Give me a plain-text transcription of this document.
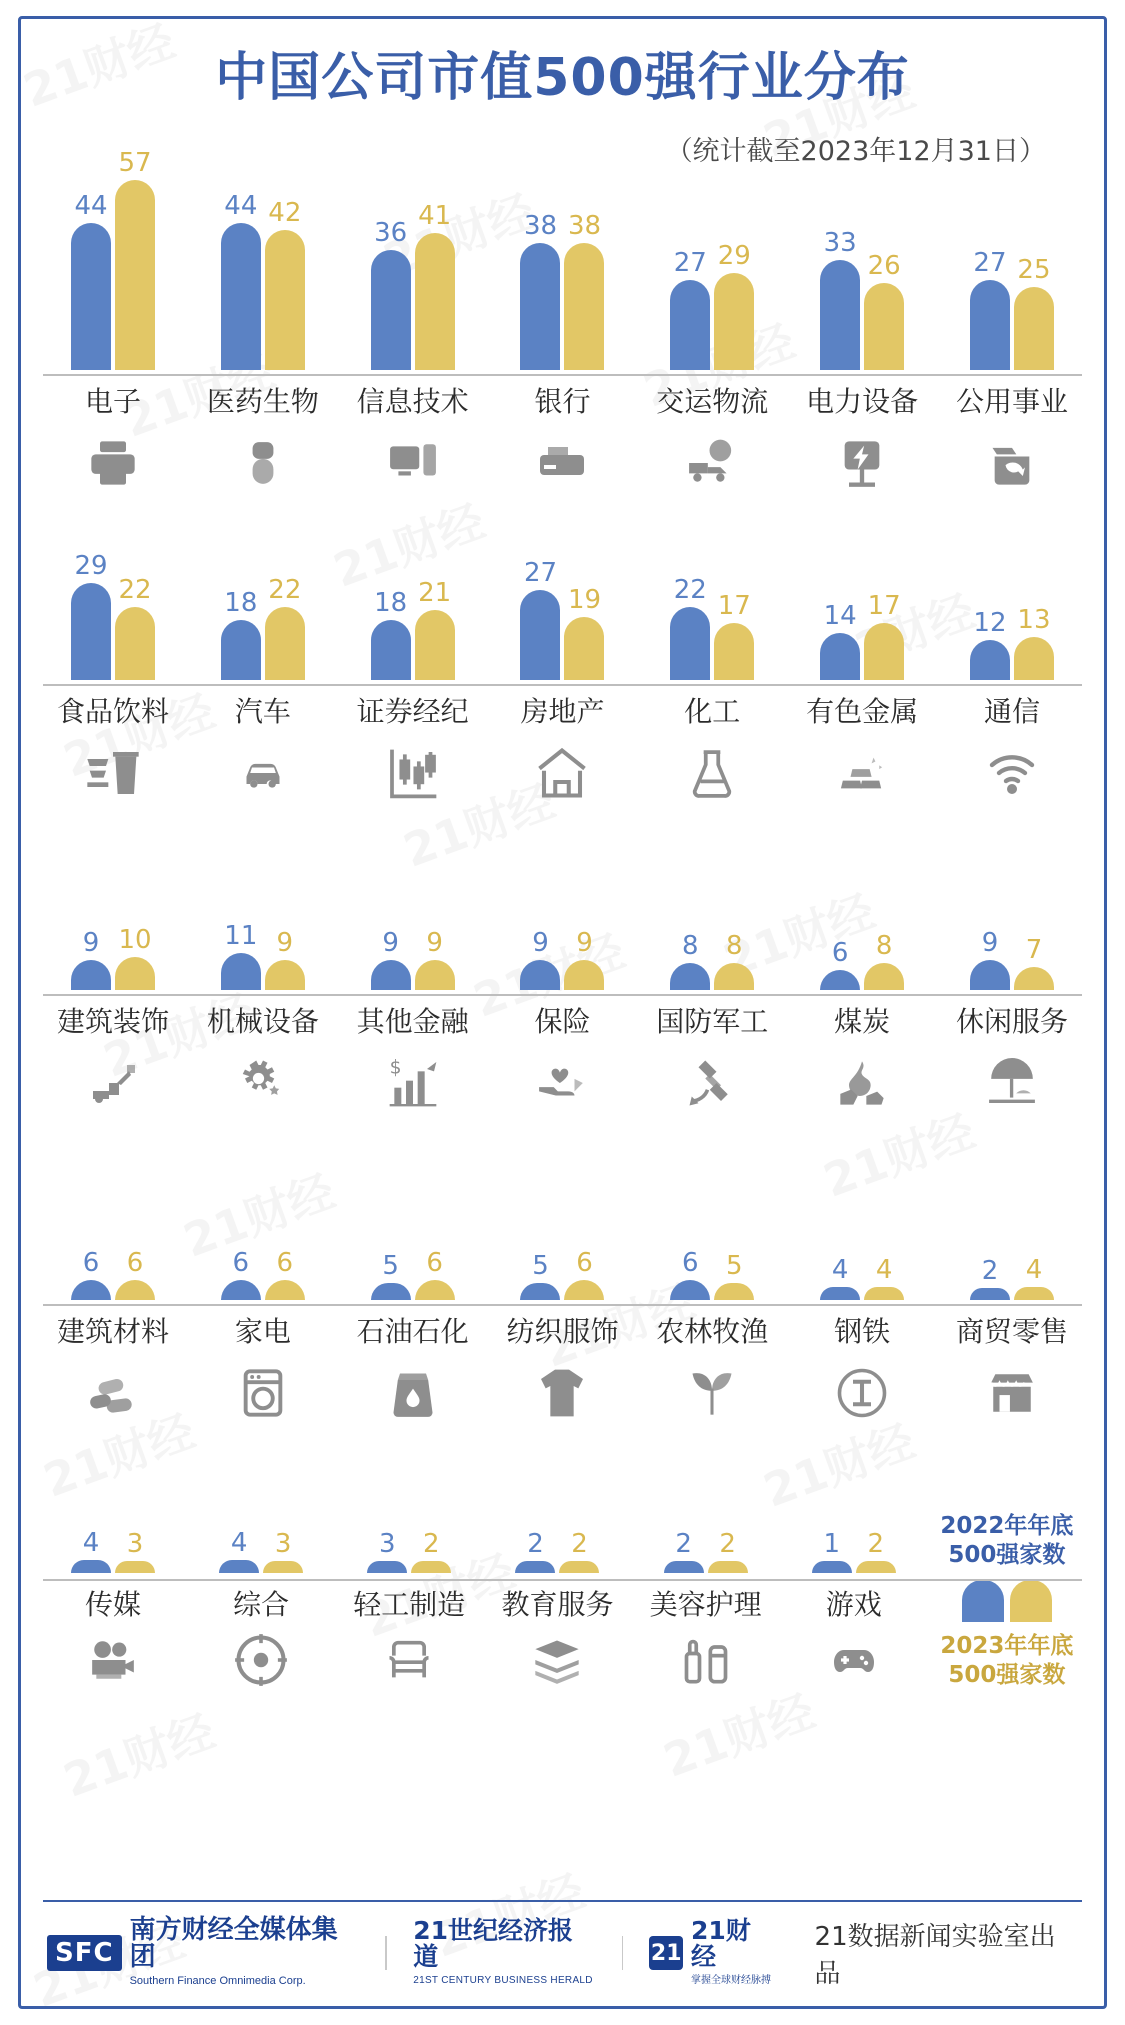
中国公司市值500强行业分布
（统计截至2023年12月31日）
44
57
电子
44 42
医药生物
36
41
信息技术
38 38
银行
27 29
交运物流
33
26
电力设备
27 25
公用事业
29
22
食品饮料
18 22
汽车
18 21
证券经纪
27
19
房地产
22
17
化工
14 17
有色金属
12 13
通信
9 10
建筑装饰
11 9
机械设备
9 9
其他金融
$
9 9
保险
8 8
国防军工
6 8
煤炭
9 7
休闲服务
6 6
建筑材料
6 6
家电
5 6
石油石化
5 6
纺织服饰
6 5
农林牧渔
4 4
钢铁
2 4
商贸零售
4 3
传媒
4 3
综合
3 2
轻工制造
2 2
教育服务
2 2
美容护理
1 2
游戏
2022年年底
500强家数
2023年年底
500强家数
SFC
南方财经全媒体集团
Southern Finance Omnimedia Corp.
21世纪经济报道
21ST CENTURY BUSINESS HERALD
21
21财经
掌握全球财经脉搏
21数据新闻实验室出品
